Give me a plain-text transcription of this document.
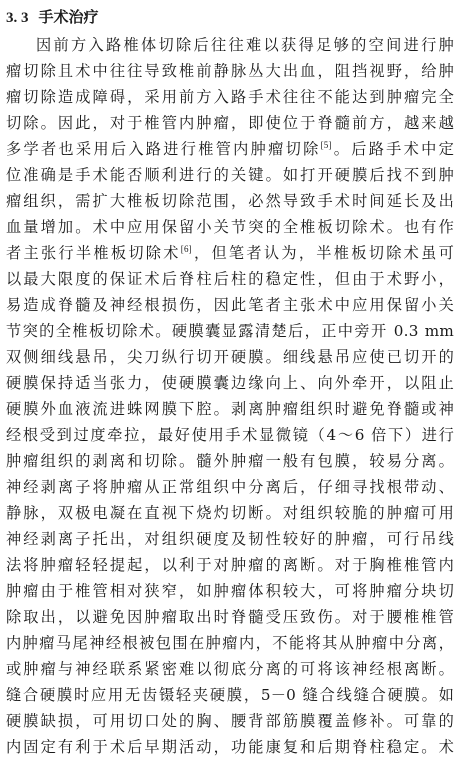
3. 3 手术治疗
因前方入路椎体切除后往往难以获得足够的空间进行肿
瘤切除且术中往往导致椎前静脉丛大出血，阻挡视野，给肿
瘤切除造成障碍，采用前方入路手术往往不能达到肿瘤完全
切除。因此，对于椎管内肿瘤，即使位于脊髓前方，越来越
多学者也采用后入路进行椎管内肿瘤切除[5]。后路手术中定
位准确是手术能否顺利进行的关键。如打开硬膜后找不到肿
瘤组织，需扩大椎板切除范围，必然导致手术时间延长及出
血量增加。术中应用保留小关节突的全椎板切除术。也有作
者主张行半椎板切除术[6]，但笔者认为，半椎板切除术虽可
以最大限度的保证术后脊柱后柱的稳定性，但由于术野小，
易造成脊髓及神经根损伤，因此笔者主张术中应用保留小关
节突的全椎板切除术。硬膜囊显露清楚后，正中旁开 0.3 mm
双侧细线悬吊，尖刀纵行切开硬膜。细线悬吊应使已切开的
硬膜保持适当张力，使硬膜囊边缘向上、向外牵开，以阻止
硬膜外血液流进蛛网膜下腔。剥离肿瘤组织时避免脊髓或神
经根受到过度牵拉，最好使用手术显微镜（4～6 倍下）进行
肿瘤组织的剥离和切除。髓外肿瘤一般有包膜，较易分离。
神经剥离子将肿瘤从正常组织中分离后，仔细寻找根带动、
静脉，双极电凝在直视下烧灼切断。对组织较脆的肿瘤可用
神经剥离子托出，对组织硬度及韧性较好的肿瘤，可行吊线
法将肿瘤轻轻提起，以利于对肿瘤的离断。对于胸椎椎管内
肿瘤由于椎管相对狭窄，如肿瘤体积较大，可将肿瘤分块切
除取出，以避免因肿瘤取出时脊髓受压致伤。对于腰椎椎管
内肿瘤马尾神经根被包围在肿瘤内，不能将其从肿瘤中分离，
或肿瘤与神经联系紧密难以彻底分离的可将该神经根离断。
缝合硬膜时应用无齿镊轻夹硬膜，5－0 缝合线缝合硬膜。如
硬膜缺损，可用切口处的胸、腰背部筋膜覆盖修补。可靠的
内固定有利于术后早期活动，功能康复和后期脊柱稳定。术
